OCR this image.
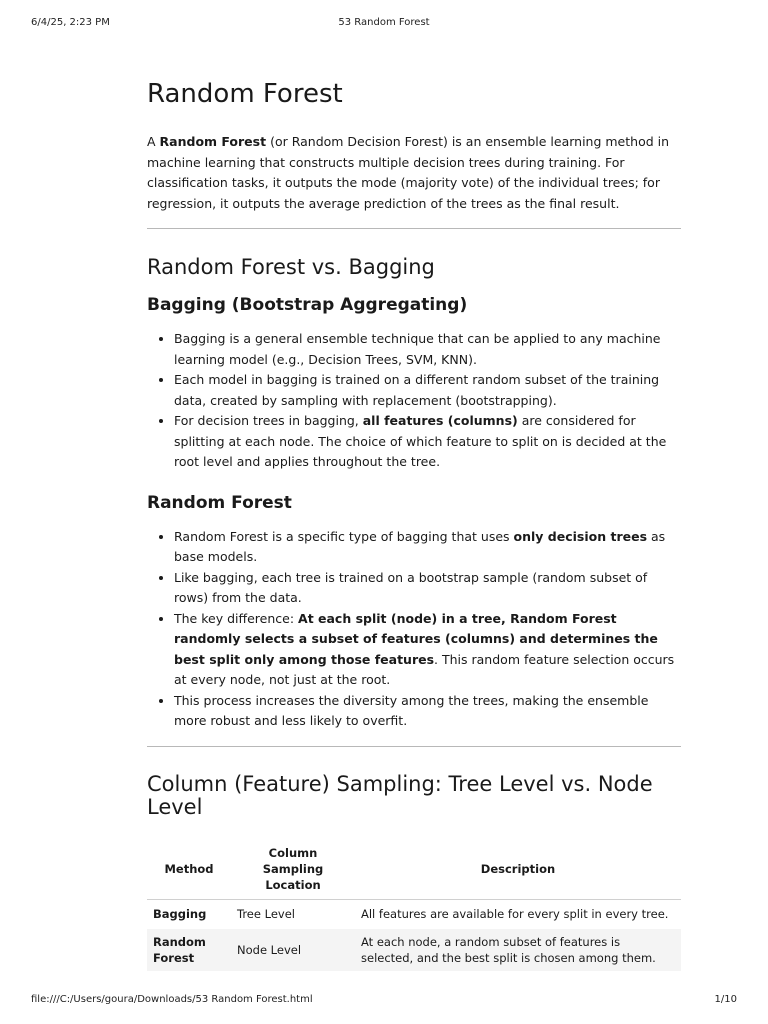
6/4/25, 2:23 PM	53 Random Forest
Random Forest

A Random Forest (or Random Decision Forest) is an ensemble learning method in machine learning that constructs multiple decision trees during training. For classification tasks, it outputs the mode (majority vote) of the individual trees; for regression, it outputs the average prediction of the trees as the final result.

Random Forest vs. Bagging
Bagging (Bootstrap Aggregating)
• Bagging is a general ensemble technique that can be applied to any machine learning model (e.g., Decision Trees, SVM, KNN).
• Each model in bagging is trained on a different random subset of the training data, created by sampling with replacement (bootstrapping).
• For decision trees in bagging, all features (columns) are considered for splitting at each node. The choice of which feature to split on is decided at the root level and applies throughout the tree.
Random Forest
• Random Forest is a specific type of bagging that uses only decision trees as base models.
• Like bagging, each tree is trained on a bootstrap sample (random subset of rows) from the data.
• The key difference: At each split (node) in a tree, Random Forest randomly selects a subset of features (columns) and determines the best split only among those features. This random feature selection occurs at every node, not just at the root.
• This process increases the diversity among the trees, making the ensemble more robust and less likely to overfit.
Column (Feature) Sampling: Tree Level vs. Node Level
Method	Column Sampling Location	Description
Bagging	Tree Level	All features are available for every split in every tree.
Random Forest	Node Level	At each node, a random subset of features is selected, and the best split is chosen among them.
file:///C:/Users/goura/Downloads/53 Random Forest.html	1/10
